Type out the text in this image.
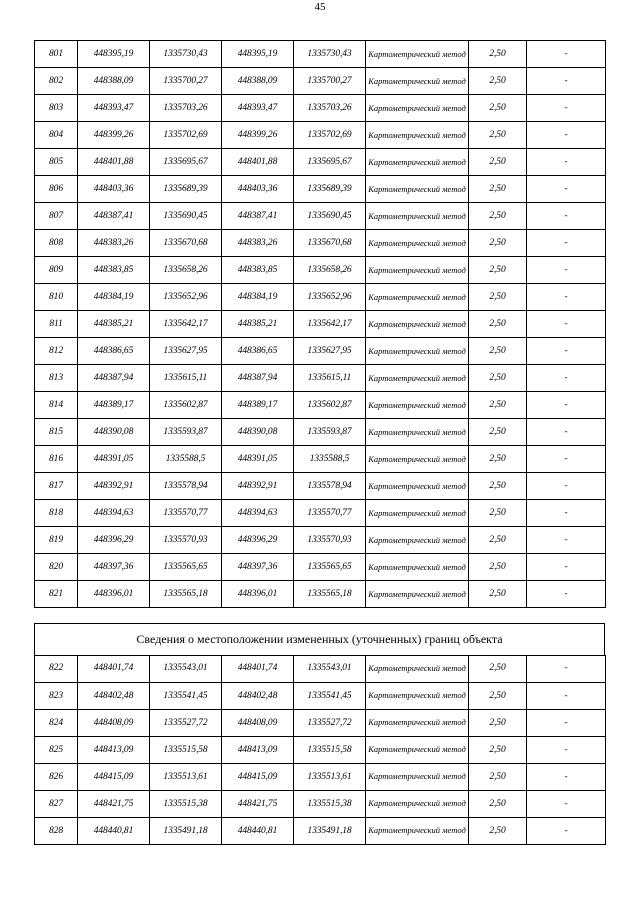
45
801	448395,19	1335730,43	448395,19	1335730,43	Картометрический метод	2,50	-
802	448388,09	1335700,27	448388,09	1335700,27	Картометрический метод	2,50	-
803	448393,47	1335703,26	448393,47	1335703,26	Картометрический метод	2,50	-
804	448399,26	1335702,69	448399,26	1335702,69	Картометрический метод	2,50	-
805	448401,88	1335695,67	448401,88	1335695,67	Картометрический метод	2,50	-
806	448403,36	1335689,39	448403,36	1335689,39	Картометрический метод	2,50	-
807	448387,41	1335690,45	448387,41	1335690,45	Картометрический метод	2,50	-
808	448383,26	1335670,68	448383,26	1335670,68	Картометрический метод	2,50	-
809	448383,85	1335658,26	448383,85	1335658,26	Картометрический метод	2,50	-
810	448384,19	1335652,96	448384,19	1335652,96	Картометрический метод	2,50	-
811	448385,21	1335642,17	448385,21	1335642,17	Картометрический метод	2,50	-
812	448386,65	1335627,95	448386,65	1335627,95	Картометрический метод	2,50	-
813	448387,94	1335615,11	448387,94	1335615,11	Картометрический метод	2,50	-
814	448389,17	1335602,87	448389,17	1335602,87	Картометрический метод	2,50	-
815	448390,08	1335593,87	448390,08	1335593,87	Картометрический метод	2,50	-
816	448391,05	1335588,5	448391,05	1335588,5	Картометрический метод	2,50	-
817	448392,91	1335578,94	448392,91	1335578,94	Картометрический метод	2,50	-
818	448394,63	1335570,77	448394,63	1335570,77	Картометрический метод	2,50	-
819	448396,29	1335570,93	448396,29	1335570,93	Картометрический метод	2,50	-
820	448397,36	1335565,65	448397,36	1335565,65	Картометрический метод	2,50	-
821	448396,01	1335565,18	448396,01	1335565,18	Картометрический метод	2,50	-
Сведения о местоположении измененных (уточненных) границ объекта
822	448401,74	1335543,01	448401,74	1335543,01	Картометрический метод	2,50	-
823	448402,48	1335541,45	448402,48	1335541,45	Картометрический метод	2,50	-
824	448408,09	1335527,72	448408,09	1335527,72	Картометрический метод	2,50	-
825	448413,09	1335515,58	448413,09	1335515,58	Картометрический метод	2,50	-
826	448415,09	1335513,61	448415,09	1335513,61	Картометрический метод	2,50	-
827	448421,75	1335515,38	448421,75	1335515,38	Картометрический метод	2,50	-
828	448440,81	1335491,18	448440,81	1335491,18	Картометрический метод	2,50	-
